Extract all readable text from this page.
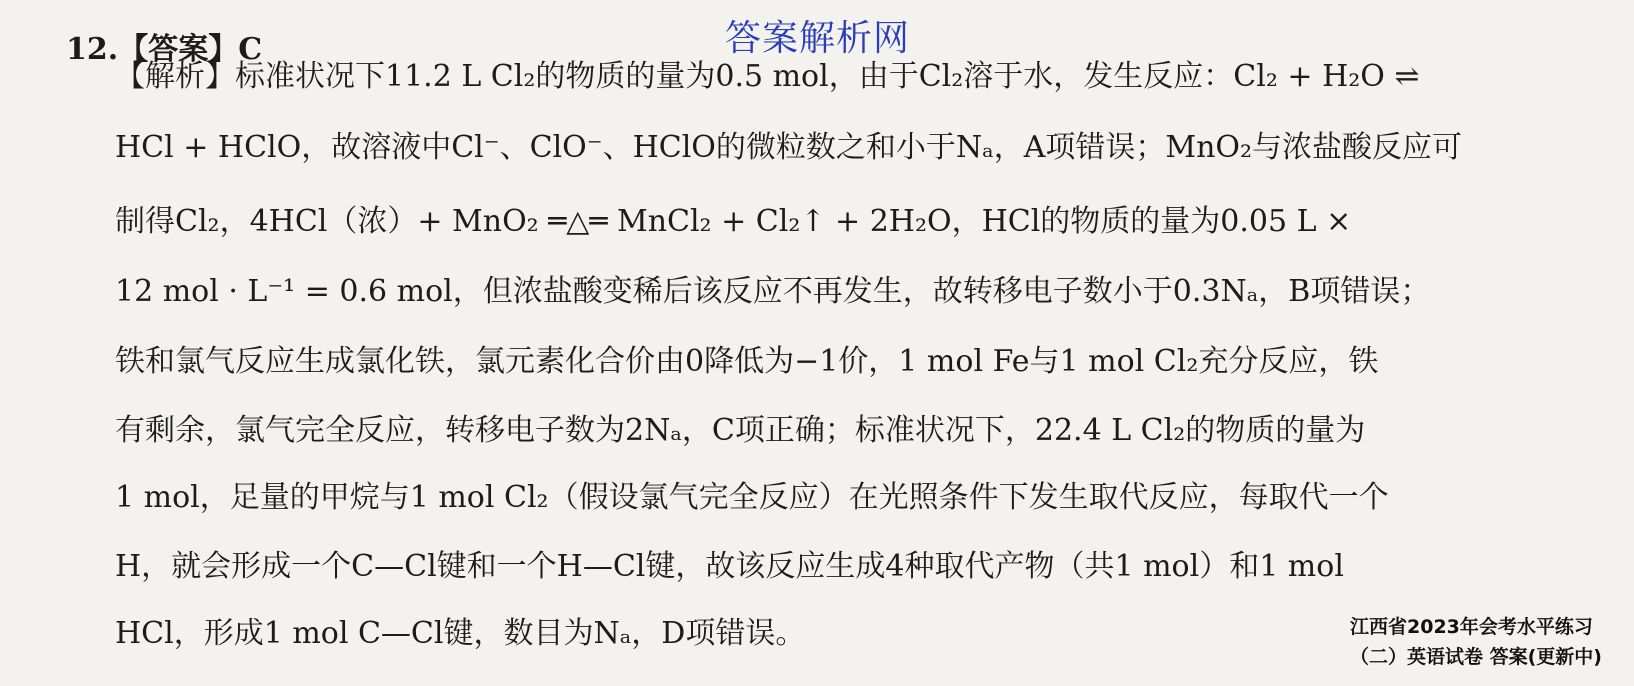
答案解析网
12.【答案】C
【解析】标准状况下11.2 L Cl₂的物质的量为0.5 mol，由于Cl₂溶于水，发生反应：Cl₂ + H₂O ⇌
HCl + HClO，故溶液中Cl⁻、ClO⁻、HClO的微粒数之和小于Nₐ，A项错误；MnO₂与浓盐酸反应可
制得Cl₂，4HCl（浓）+ MnO₂ ═△═ MnCl₂ + Cl₂↑ + 2H₂O，HCl的物质的量为0.05 L ×
12 mol · L⁻¹ = 0.6 mol，但浓盐酸变稀后该反应不再发生，故转移电子数小于0.3Nₐ，B项错误；
铁和氯气反应生成氯化铁，氯元素化合价由0降低为−1价，1 mol Fe与1 mol Cl₂充分反应，铁
有剩余，氯气完全反应，转移电子数为2Nₐ，C项正确；标准状况下，22.4 L Cl₂的物质的量为
1 mol，足量的甲烷与1 mol Cl₂（假设氯气完全反应）在光照条件下发生取代反应，每取代一个
H，就会形成一个C—Cl键和一个H—Cl键，故该反应生成4种取代产物（共1 mol）和1 mol
HCl，形成1 mol C—Cl键，数目为Nₐ，D项错误。	江西省2023年会考水平练习（二）英语试卷 答案(更新中)
